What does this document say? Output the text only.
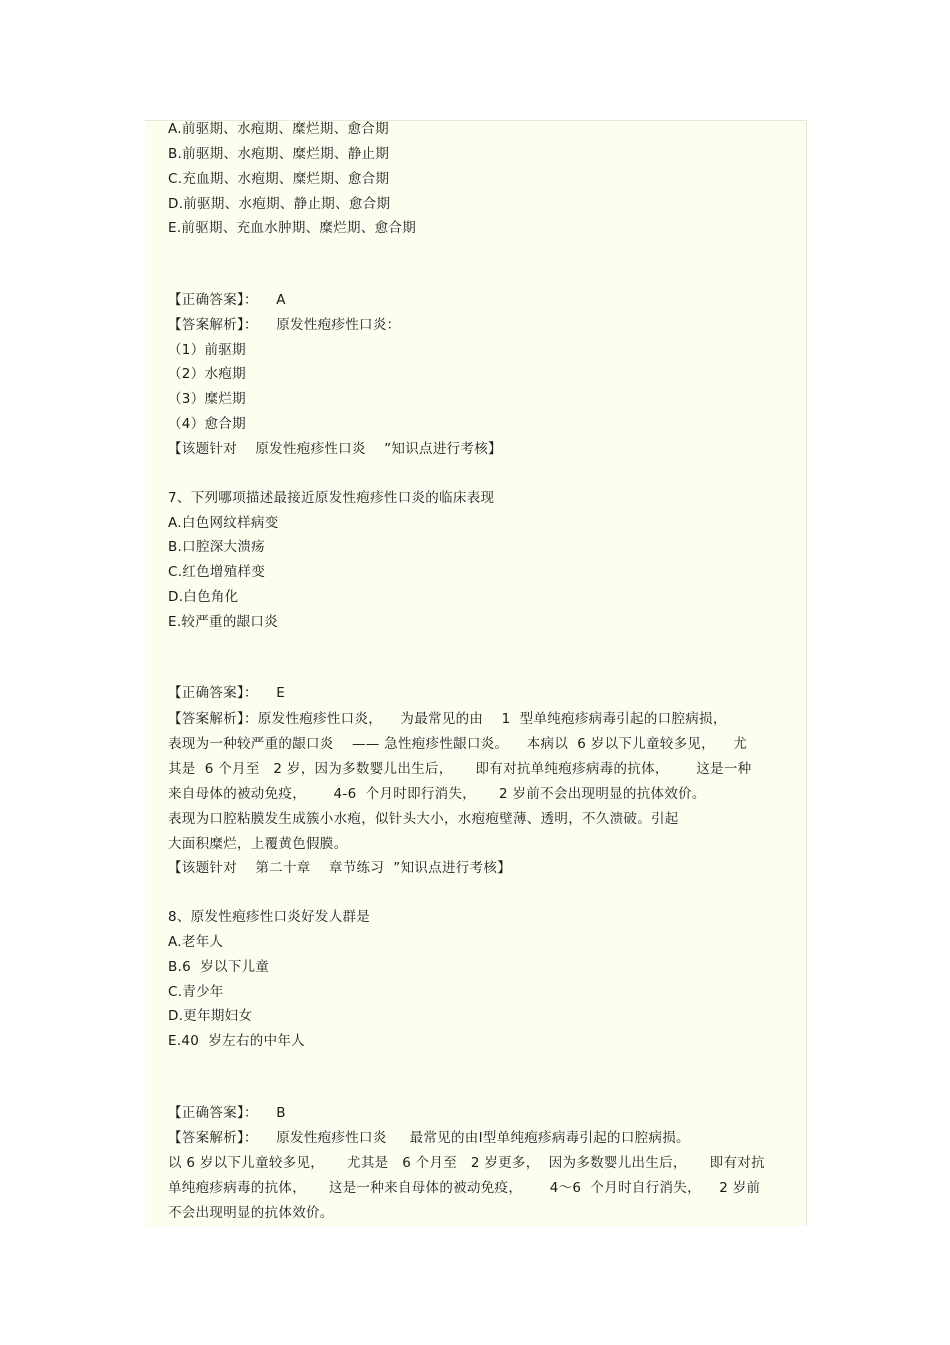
A.前驱期、水疱期、糜烂期、愈合期
B.前驱期、水疱期、糜烂期、静止期
C.充血期、水疱期、糜烂期、愈合期
D.前驱期、水疱期、静止期、愈合期
E.前驱期、充血水肿期、糜烂期、愈合期
【正确答案】：    A
【答案解析】：    原发性疱疹性口炎：
（1）前驱期
（2）水疱期
（3）糜烂期
（4）愈合期
【该题针对    原发性疱疹性口炎    ”知识点进行考核】
7、下列哪项描述最接近原发性疱疹性口炎的临床表现
A.白色网纹样病变
B.口腔深大溃疡
C.红色增殖样变
D.白色角化
E.较严重的龈口炎
【正确答案】：    E
【答案解析】：原发性疱疹性口炎，    为最常见的由    1  型单纯疱疹病毒引起的口腔病损，
表现为一种较严重的龈口炎    —— 急性疱疹性龈口炎。    本病以  6 岁以下儿童较多见，    尤
其是  6 个月至   2 岁，因为多数婴儿出生后，     即有对抗单纯疱疹病毒的抗体，      这是一种
来自母体的被动免疫，      4-6  个月时即行消失，     2 岁前不会出现明显的抗体效价。
表现为口腔粘膜发生成簇小水疱，似针头大小，水疱疱壁薄、透明，不久溃破。引起
大面积糜烂，上覆黄色假膜。
【该题针对    第二十章    章节练习  ”知识点进行考核】
8、原发性疱疹性口炎好发人群是
A.老年人
B.6  岁以下儿童
C.青少年
D.更年期妇女
E.40  岁左右的中年人
【正确答案】：    B
【答案解析】：    原发性疱疹性口炎     最常见的由Ⅰ型单纯疱疹病毒引起的口腔病损。
以 6 岁以下儿童较多见，     尤其是   6 个月至   2 岁更多，  因为多数婴儿出生后，     即有对抗
单纯疱疹病毒的抗体，     这是一种来自母体的被动免疫，      4～6  个月时自行消失，    2 岁前
不会出现明显的抗体效价。
